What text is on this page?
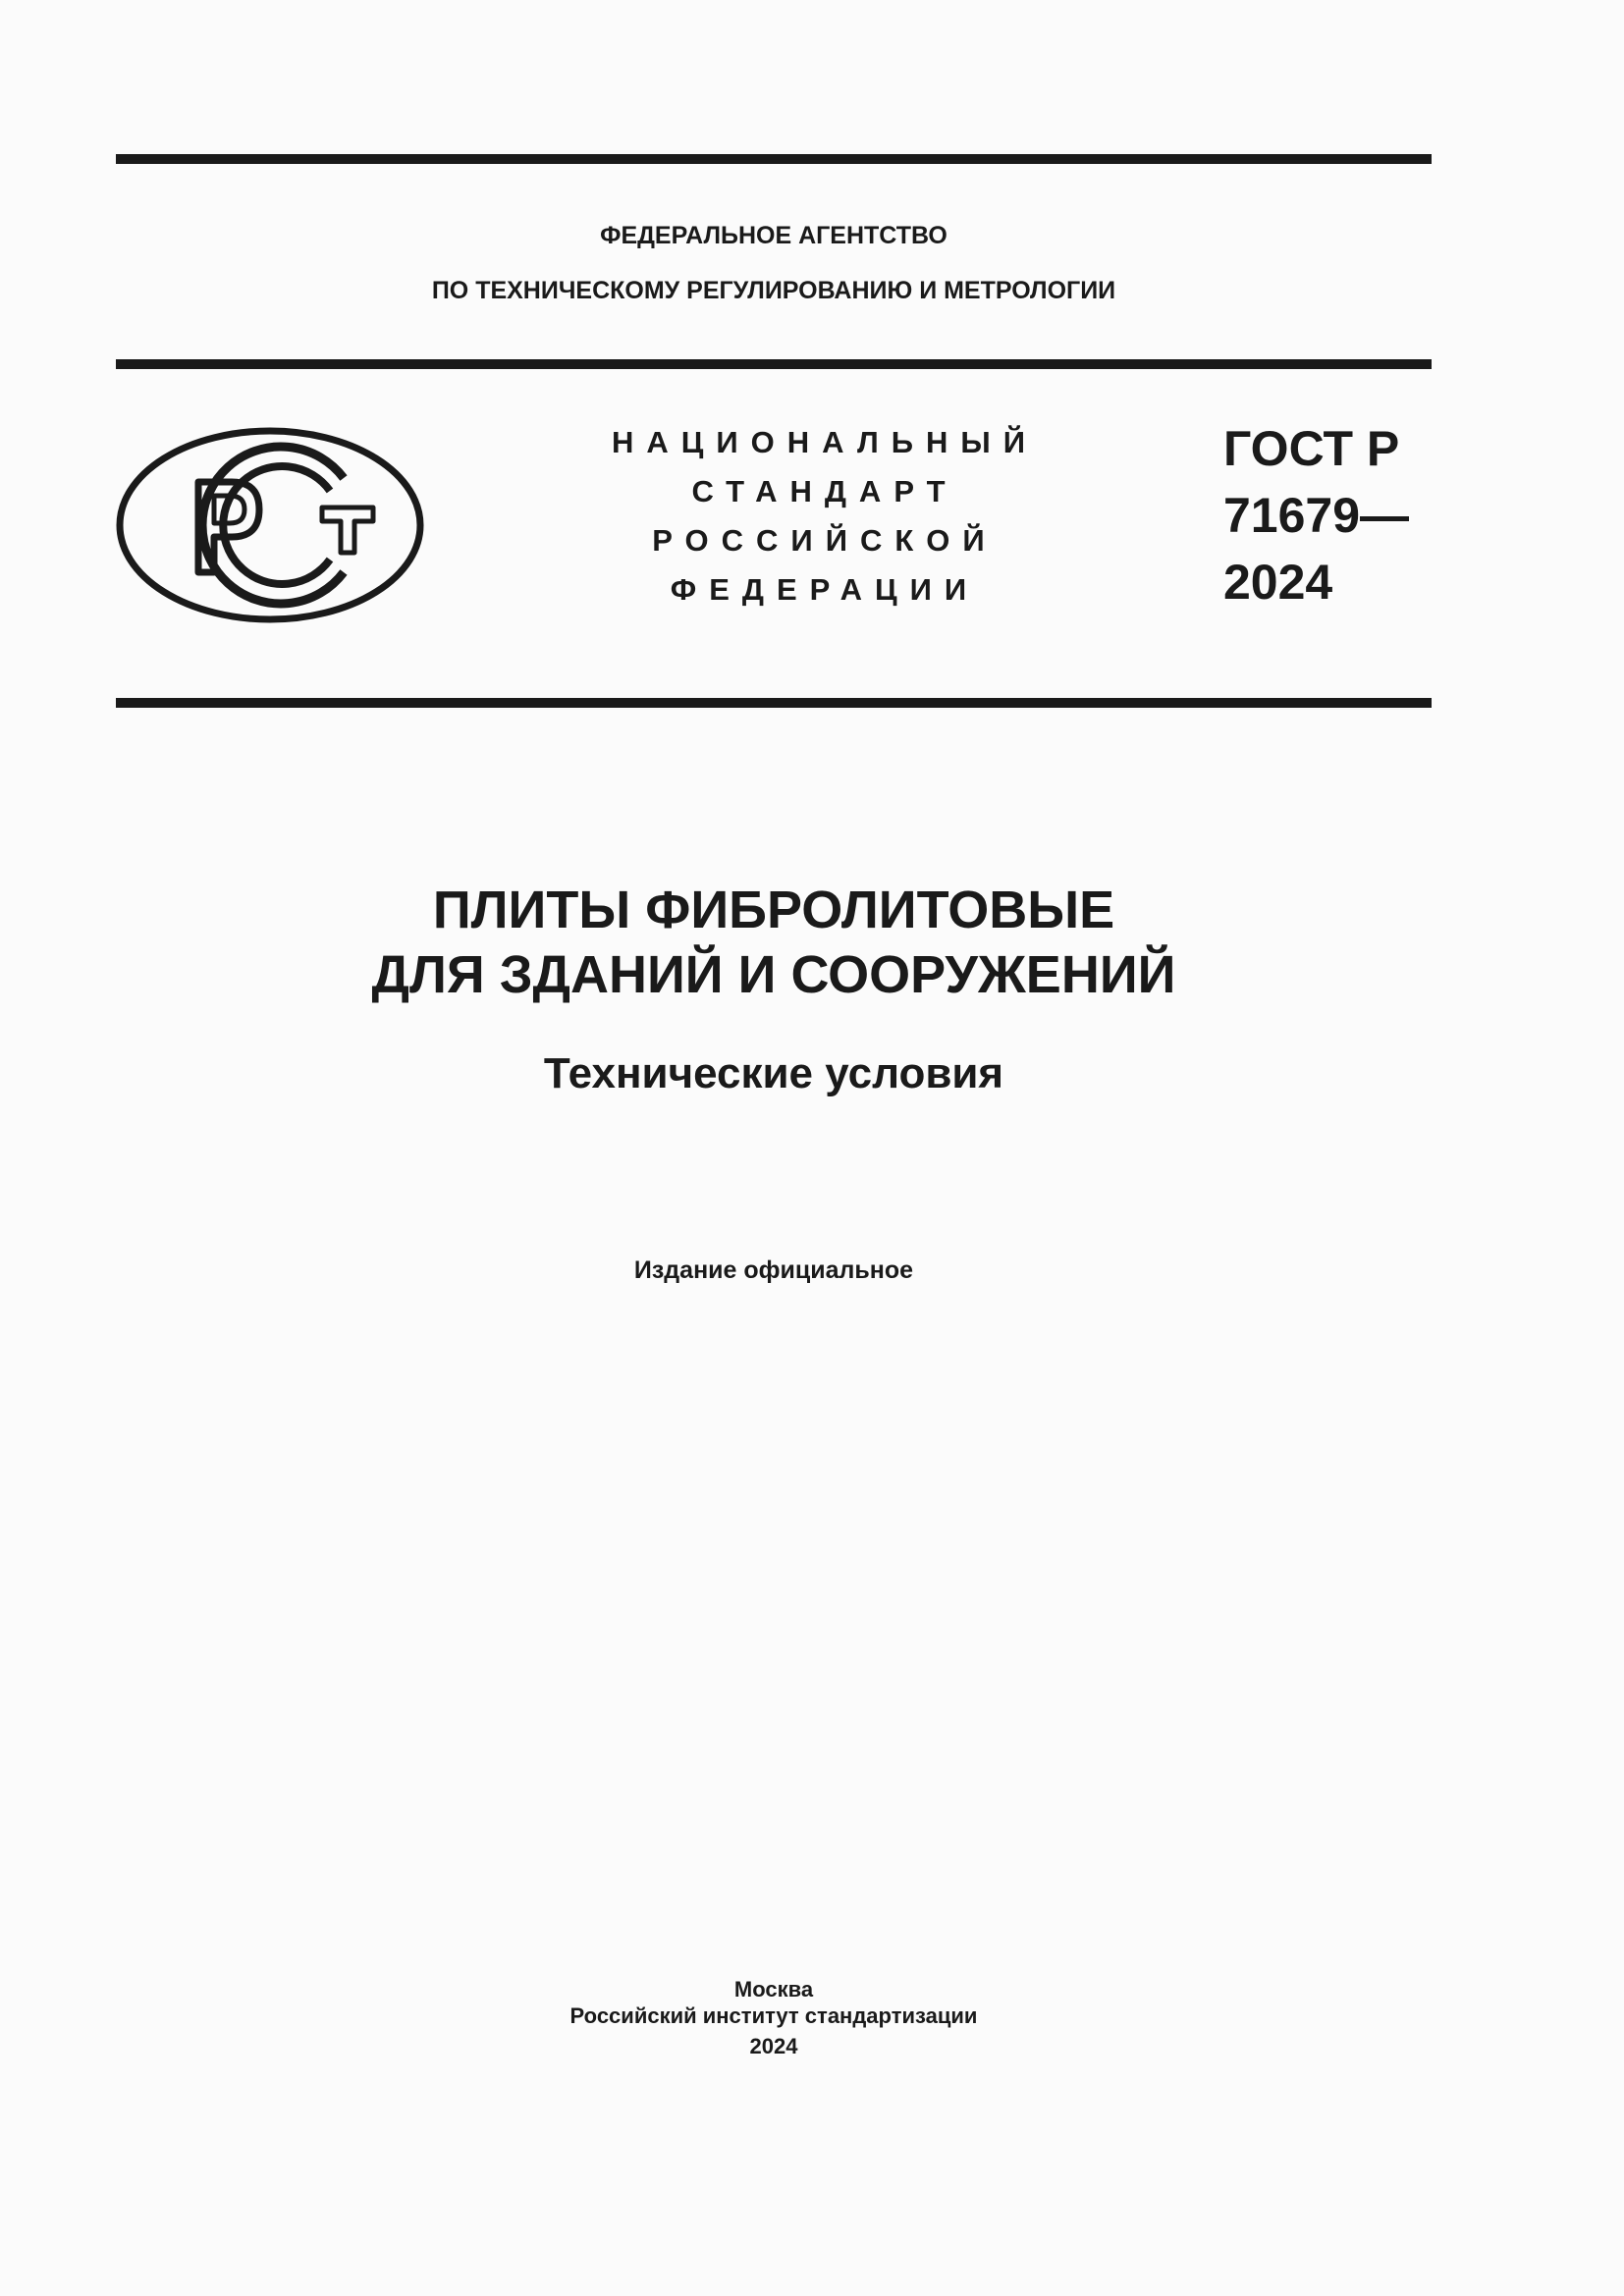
ФЕДЕРАЛЬНОЕ АГЕНТСТВО
ПО ТЕХНИЧЕСКОМУ РЕГУЛИРОВАНИЮ И МЕТРОЛОГИИ
НАЦИОНАЛЬНЫЙ
СТАНДАРТ
РОССИЙСКОЙ
ФЕДЕРАЦИИ
ГОСТ Р
71679—
2024
ПЛИТЫ ФИБРОЛИТОВЫЕ
ДЛЯ ЗДАНИЙ И СООРУЖЕНИЙ
Технические условия
Издание официальное
Москва
Российский институт стандартизации
2024
